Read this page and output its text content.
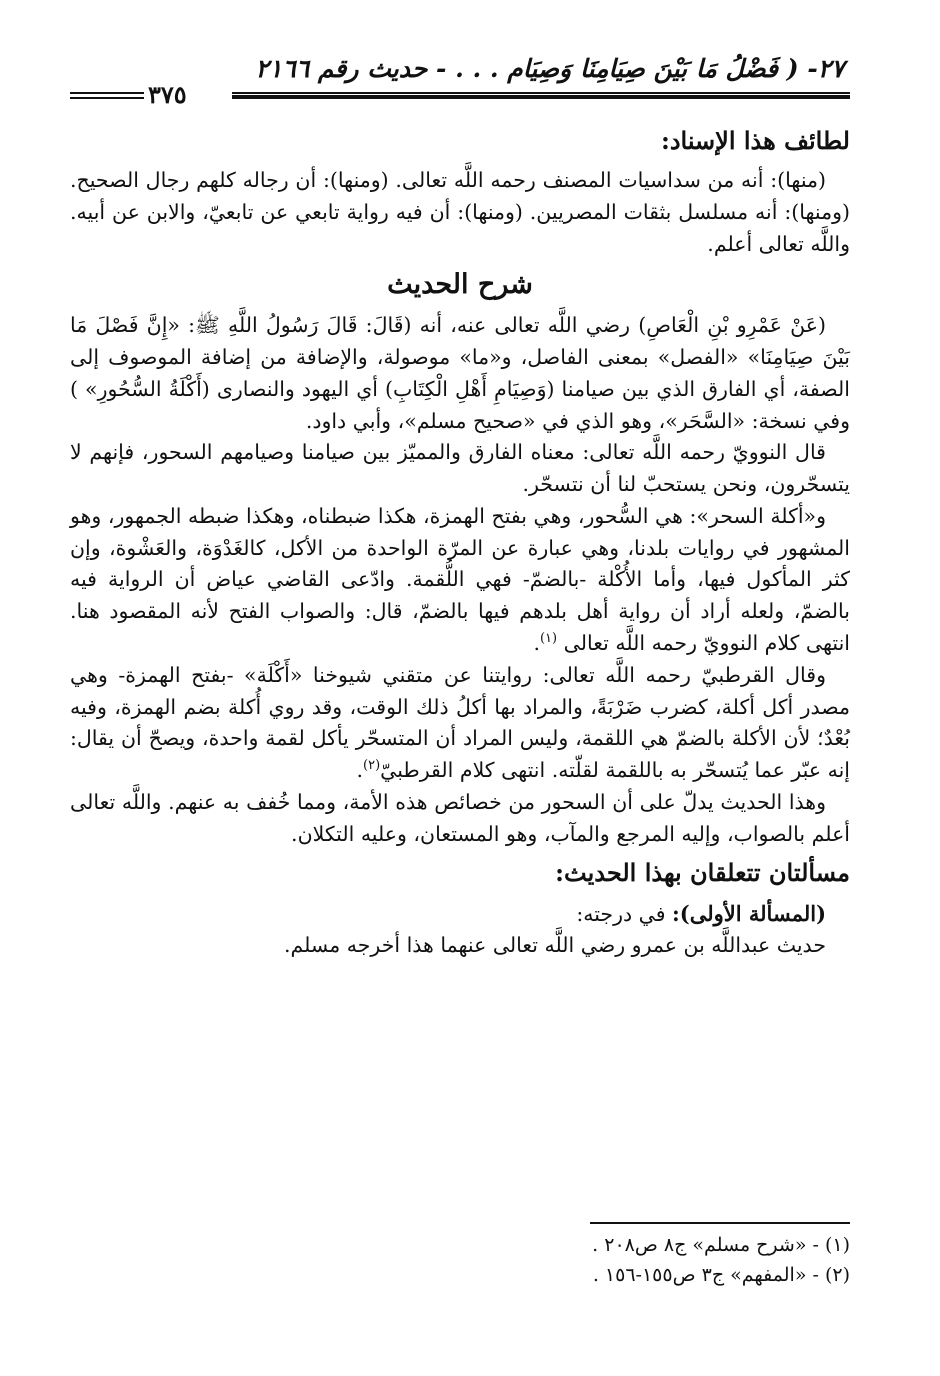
٢٧- ( فَضْلُ مَا بَيْنَ صِيَامِنَا وَصِيَام . . . - حديث رقم ٢١٦٦
٣٧٥
لطائف هذا الإسناد:

(منها): أنه من سداسيات المصنف رحمه اللَّه تعالى. (ومنها): أن رجاله كلهم رجال الصحيح. (ومنها): أنه مسلسل بثقات المصريين. (ومنها): أن فيه رواية تابعي عن تابعيّ، والابن عن أبيه. واللَّه تعالى أعلم.

شرح الحديث

(عَنْ عَمْرِو بْنِ الْعَاصِ) رضي اللَّه تعالى عنه، أنه (قَالَ: قَالَ رَسُولُ اللَّهِ ﷺ: «إِنَّ فَصْلَ مَا بَيْنَ صِيَامِنَا» «الفصل» بمعنى الفاصل، و«ما» موصولة، والإضافة من إضافة الموصوف إلى الصفة، أي الفارق الذي بين صيامنا (وَصِيَامِ أَهْلِ الْكِتَابِ) أي اليهود والنصارى (أَكْلَةُ السُّحُورِ» ) وفي نسخة: «السَّحَر»، وهو الذي في «صحيح مسلم»، وأبي داود.

قال النوويّ رحمه اللَّه تعالى: معناه الفارق والمميّز بين صيامنا وصيامهم السحور، فإنهم لا يتسحّرون، ونحن يستحبّ لنا أن نتسحّر.

و«أكلة السحر»: هي السُّحور، وهي بفتح الهمزة، هكذا ضبطناه، وهكذا ضبطه الجمهور، وهو المشهور في روايات بلدنا، وهي عبارة عن المرّة الواحدة من الأكل، كالغَدْوَة، والعَشْوة، وإن كثر المأكول فيها، وأما الأُكْلة -بالضمّ- فهي اللُّقمة. وادّعى القاضي عياض أن الرواية فيه بالضمّ، ولعله أراد أن رواية أهل بلدهم فيها بالضمّ، قال: والصواب الفتح لأنه المقصود هنا. انتهى كلام النوويّ رحمه اللَّه تعالى $^{(١)}$.

وقال القرطبيّ رحمه اللَّه تعالى: روايتنا عن متقني شيوخنا «أَكْلَة» -بفتح الهمزة- وهي مصدر أكل أكلة، كضرب ضَرْبَةً، والمراد بها أكلُ ذلك الوقت، وقد روي أُكلة بضم الهمزة، وفيه بُعْدٌ؛ لأن الأكلة بالضمّ هي اللقمة، وليس المراد أن المتسحّر يأكل لقمة واحدة، ويصحّ أن يقال: إنه عبّر عما يُتسحّر به باللقمة لقلّته. انتهى كلام القرطبيّ$^{(٢)}$.

وهذا الحديث يدلّ على أن السحور من خصائص هذه الأمة، ومما خُفف به عنهم. واللَّه تعالى أعلم بالصواب، وإليه المرجع والمآب، وهو المستعان، وعليه التكلان.

مسألتان تتعلقان بهذا الحديث:

(المسألة الأولى): في درجته:

حديث عبداللَّه بن عمرو رضي اللَّه تعالى عنهما هذا أخرجه مسلم.

(١) - «شرح مسلم» ج٨ ص٢٠٨ .
(٢) - «المفهم» ج٣ ص١٥٥-١٥٦ .
